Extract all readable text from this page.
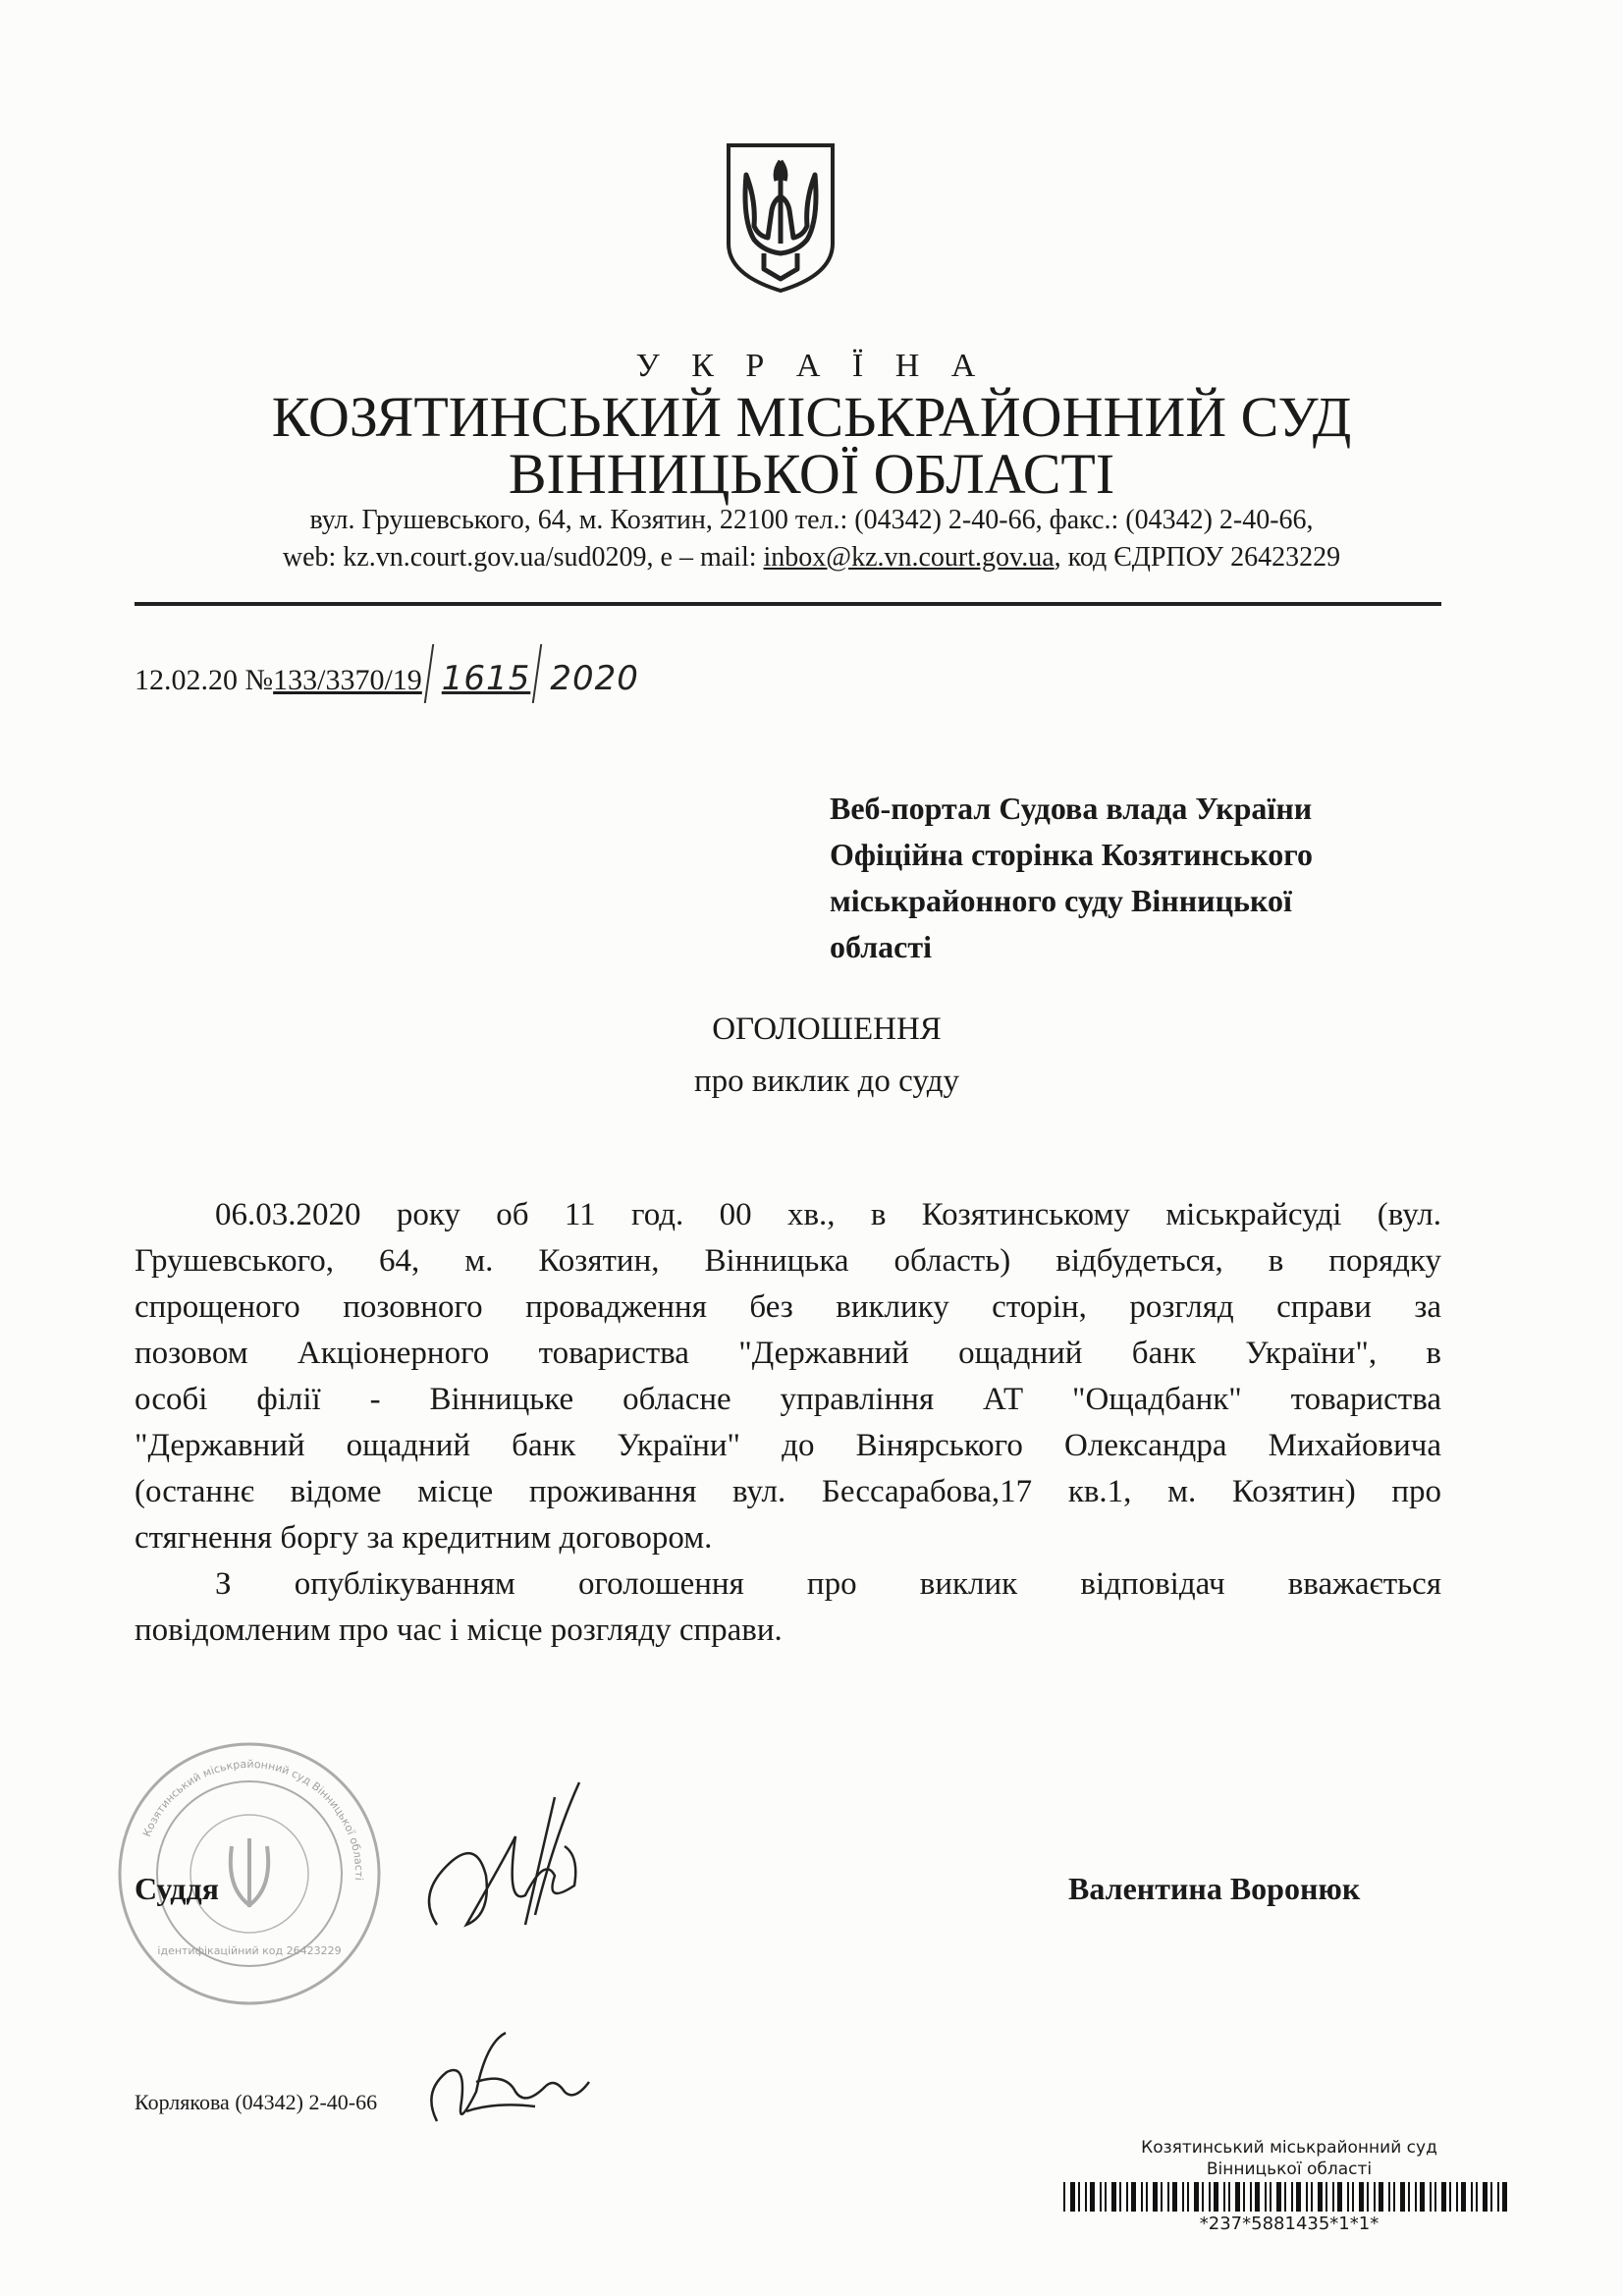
У К Р А Ї Н А
КОЗЯТИНСЬКИЙ МІСЬКРАЙОННИЙ СУД
ВІННИЦЬКОЇ ОБЛАСТІ
вул. Грушевського, 64, м. Козятин, 22100 тел.: (04342) 2-40-66, факс.: (04342) 2-40-66,
web: kz.vn.court.gov.ua/sud0209, e – mail: inbox@kz.vn.court.gov.ua, код ЄДРПОУ 26423229
12.02.20 №133/3370/19 1615 2020
Веб-портал Судова влада України
Офіційна сторінка Козятинського
міськрайонного суду Вінницької
області
ОГОЛОШЕННЯ
про виклик до суду
06.03.2020 року об 11 год. 00 хв., в Козятинському міськрайсуді (вул.
Грушевського, 64, м. Козятин, Вінницька область) відбудеться, в порядку
спрощеного позовного провадження без виклику сторін, розгляд справи за
позовом Акціонерного товариства "Державний ощадний банк України", в
особі філії - Вінницьке обласне управління АТ "Ощадбанк" товариства
"Державний ощадний банк України" до Вінярського Олександра Михайовича
(останнє відоме місце проживання вул. Бессарабова,17 кв.1, м. Козятин) про
стягнення боргу за кредитним договором.
З опублікуванням оголошення про виклик відповідач вважається
повідомленим про час і місце розгляду справи.
Козятинський міськрайонний суд Вінницької області
ідентифікаційний код 26423229
Суддя	Валентина Воронюк
Корлякова (04342) 2-40-66
Козятинський міськрайонний суд
Вінницької області
*237*5881435*1*1*
